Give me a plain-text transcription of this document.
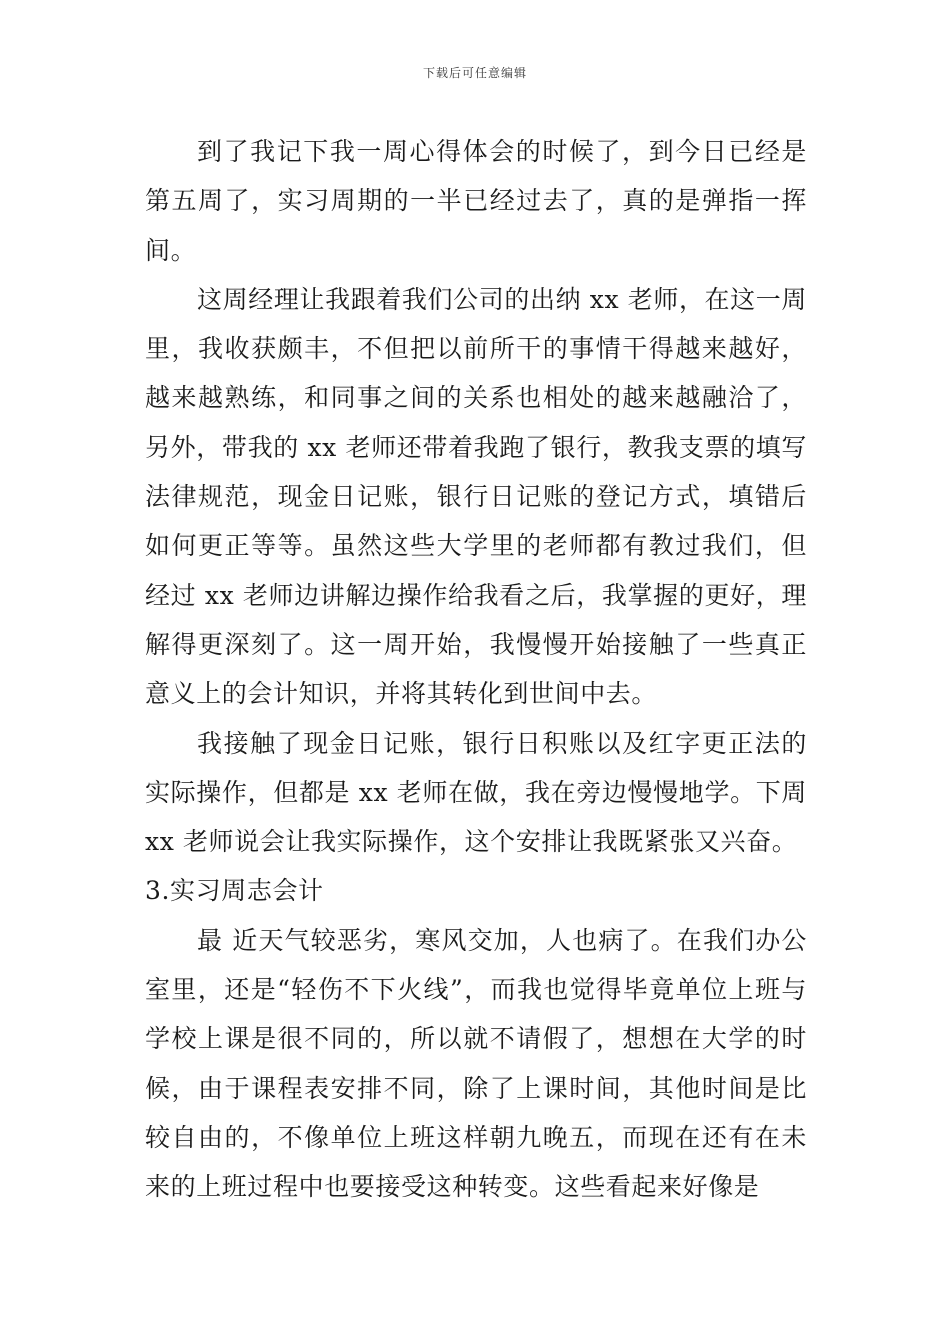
下载后可任意编辑

到了我记下我一周心得体会的时候了，到今日已经是第五周了，实习周期的一半已经过去了，真的是弹指一挥间。

这周经理让我跟着我们公司的出纳 xx 老师，在这一周里，我收获颇丰，不但把以前所干的事情干得越来越好，越来越熟练，和同事之间的关系也相处的越来越融洽了，另外，带我的 xx 老师还带着我跑了银行，教我支票的填写法律规范，现金日记账，银行日记账的登记方式，填错后如何更正等等。虽然这些大学里的老师都有教过我们，但经过 xx 老师边讲解边操作给我看之后，我掌握的更好，理解得更深刻了。这一周开始，我慢慢开始接触了一些真正意义上的会计知识，并将其转化到世间中去。

我接触了现金日记账，银行日积账以及红字更正法的实际操作，但都是 xx 老师在做，我在旁边慢慢地学。下周 xx 老师说会让我实际操作，这个安排让我既紧张又兴奋。

3.实习周志会计

最 近天气较恶劣，寒风交加，人也病了。在我们办公室里，还是“轻伤不下火线”，而我也觉得毕竟单位上班与学校上课是很不同的，所以就不请假了，想想在大学的时候，由于课程表安排不同，除了上课时间，其他时间是比较自由的，不像单位上班这样朝九晚五，而现在还有在未来的上班过程中也要接受这种转变。这些看起来好像是
